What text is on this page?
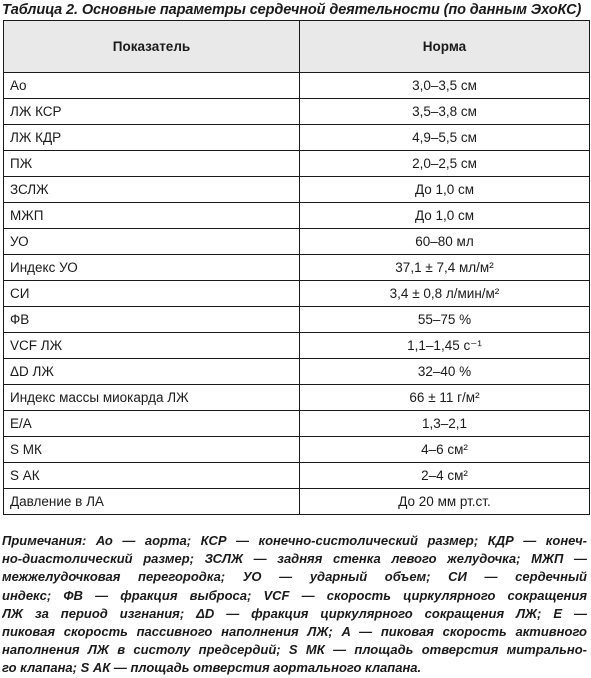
Таблица 2. Основные параметры сердечной деятельности (по данным ЭхоКС)
Показатель	Норма
Ао	3,0–3,5 см
ЛЖ КСР	3,5–3,8 см
ЛЖ КДР	4,9–5,5 см
ПЖ	2,0–2,5 см
ЗСЛЖ	До 1,0 см
МЖП	До 1,0 см
УО	60–80 мл
Индекс УО	37,1 ± 7,4 мл/м²
СИ	3,4 ± 0,8 л/мин/м²
ФВ	55–75 %
VCF ЛЖ	1,1–1,45 с⁻¹
ΔD ЛЖ	32–40 %
Индекс массы миокарда ЛЖ	66 ± 11 г/м²
E/A	1,3–2,1
S МК	4–6 см²
S АК	2–4 см²
Давление в ЛА	До 20 мм рт.ст.
Примечания: Ао — аорта; КСР — конечно-систолический размер; КДР — конеч-
но-диастолический размер; ЗСЛЖ — задняя стенка левого желудочка; МЖП —
межжелудочковая перегородка; УО — ударный объем; СИ — сердечный
индекс; ФВ — фракция выброса; VCF — скорость циркулярного сокращения
ЛЖ за период изгнания; ΔD — фракция циркулярного сокращения ЛЖ; E —
пиковая скорость пассивного наполнения ЛЖ; A — пиковая скорость активного
наполнения ЛЖ в систолу предсердий; S МК — площадь отверстия митрально-
го клапана; S АК — площадь отверстия аортального клапана.
